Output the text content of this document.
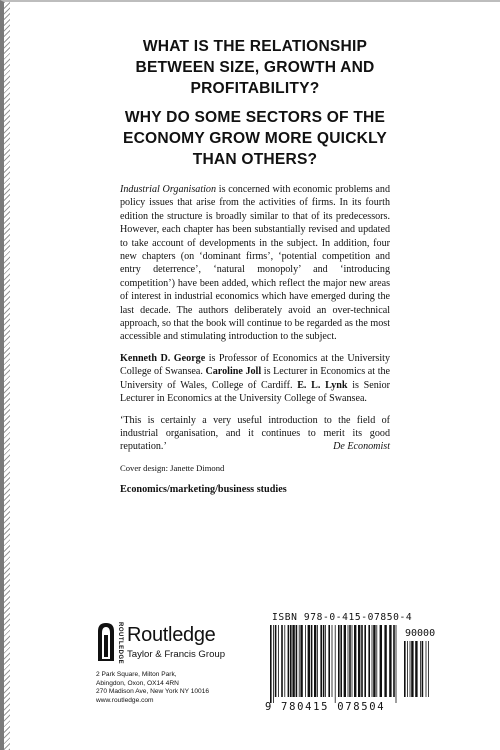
WHAT IS THE RELATIONSHIP BETWEEN SIZE, GROWTH AND PROFITABILITY?

WHY DO SOME SECTORS OF THE ECONOMY GROW MORE QUICKLY THAN OTHERS?

Industrial Organisation is concerned with economic problems and policy issues that arise from the activities of firms. In its fourth edition the structure is broadly similar to that of its predecessors. However, each chapter has been substantially revised and updated to take account of developments in the subject. In addition, four new chapters (on ‘dominant firms’, ‘potential competition and entry deterrence’, ‘natural monopoly’ and ‘introducing competition’) have been added, which reflect the major new areas of interest in industrial economics which have emerged during the last decade. The authors deliberately avoid an over-technical approach, so that the book will continue to be regarded as the most accessible and stimulating introduction to the subject.

Kenneth D. George is Professor of Economics at the University College of Swansea. Caroline Joll is Lecturer in Economics at the University of Wales, College of Cardiff. E. L. Lynk is Senior Lecturer in Economics at the University College of Swansea.

‘This is certainly a very useful introduction to the field of industrial organisation, and it continues to merit its good reputation.’	De Economist

Cover design: Janette Dimond

Economics/marketing/business studies
ROUTLEDGE Routledge
Taylor & Francis Group
2 Park Square, Milton Park,
Abingdon, Oxon, OX14 4RN
270 Madison Ave, New York NY 10016
www.routledge.com
ISBN 978-0-415-07850-4
90000
9 780415 078504
